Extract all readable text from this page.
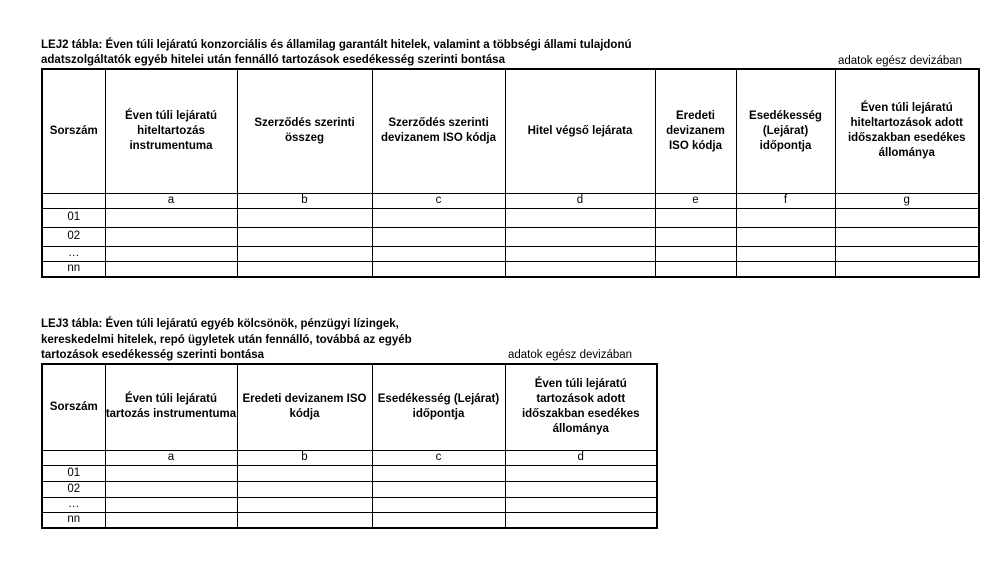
LEJ2 tábla: Éven túli lejáratú konzorciális és államilag garantált hitelek, valamint a többségi állami tulajdonú
adatszolgáltatók egyéb hitelei után fennálló tartozások esedékesség szerinti bontása	adatok egész devizában
Sorszám	Éven túli lejáratú hiteltartozás instrumentuma	Szerződés szerinti összeg	Szerződés szerinti devizanem ISO kódja	Hitel végső lejárata	Eredeti devizanem ISO kódja	Esedékesség (Lejárat) időpontja	Éven túli lejáratú hiteltartozások adott időszakban esedékes állománya
	a	b	c	d	e	f	g
01							
02							
…							
nn							
LEJ3 tábla: Éven túli lejáratú egyéb kölcsönök, pénzügyi lízingek,
kereskedelmi hitelek, repó ügyletek után fennálló, továbbá az egyéb
tartozások esedékesség szerinti bontása	adatok egész devizában
Sorszám	Éven túli lejáratú tartozás instrumentuma	Eredeti devizanem ISO kódja	Esedékesség (Lejárat) időpontja	Éven túli lejáratú tartozások adott időszakban esedékes állománya
	a	b	c	d
01				
02				
…				
nn				
